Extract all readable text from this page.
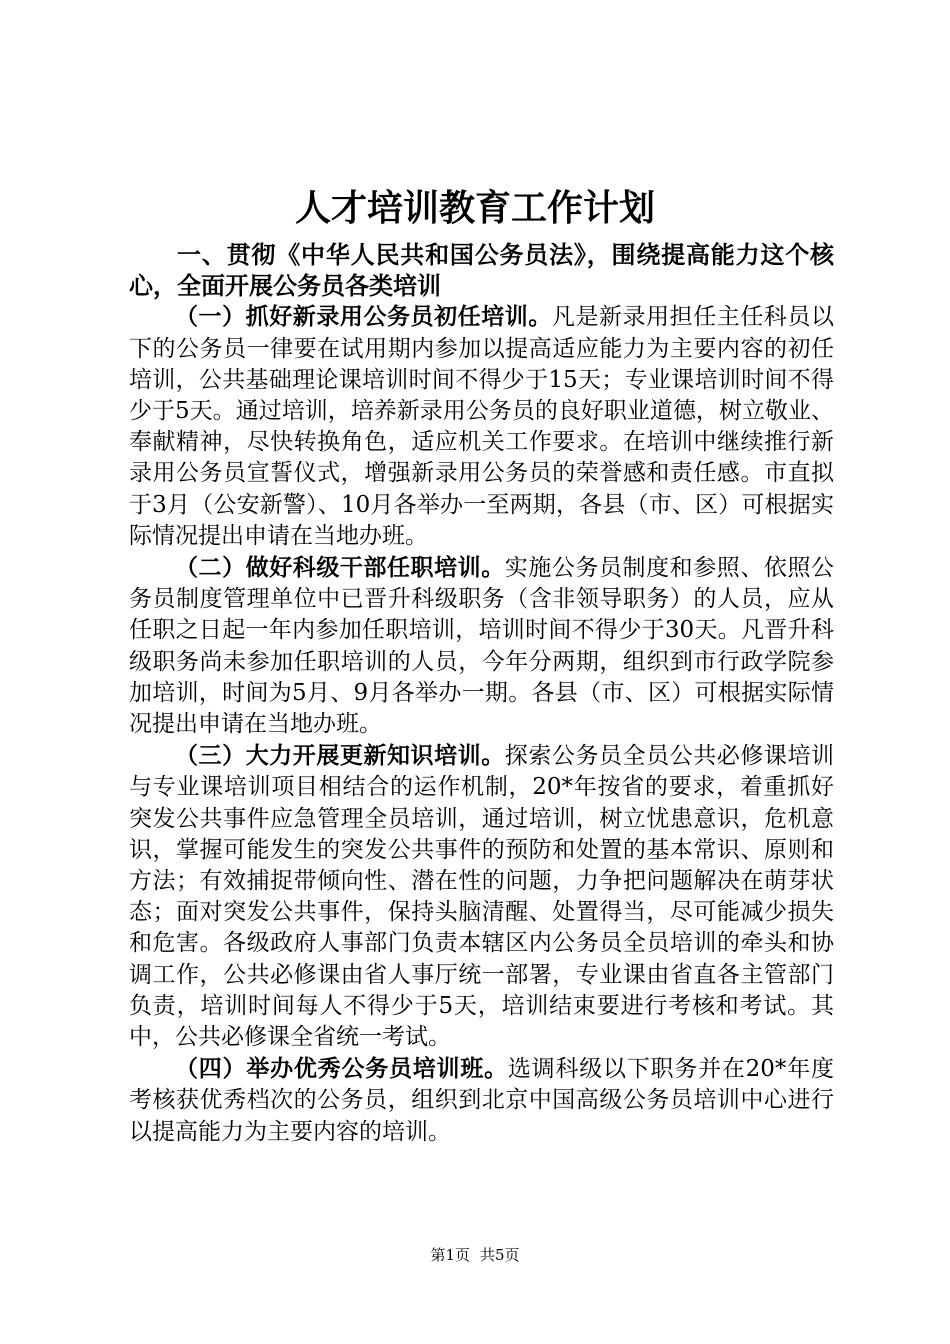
人才培训教育工作计划

一、贯彻《中华人民共和国公务员法》，围绕提高能力这个核心，全面开展公务员各类培训

（一）抓好新录用公务员初任培训。凡是新录用担任主任科员以下的公务员一律要在试用期内参加以提高适应能力为主要内容的初任培训，公共基础理论课培训时间不得少于15天；专业课培训时间不得少于5天。通过培训，培养新录用公务员的良好职业道德，树立敬业、奉献精神，尽快转换角色，适应机关工作要求。在培训中继续推行新录用公务员宣誓仪式，增强新录用公务员的荣誉感和责任感。市直拟于3月（公安新警）、10月各举办一至两期，各县（市、区）可根据实际情况提出申请在当地办班。

（二）做好科级干部任职培训。实施公务员制度和参照、依照公务员制度管理单位中已晋升科级职务（含非领导职务）的人员，应从任职之日起一年内参加任职培训，培训时间不得少于30天。凡晋升科级职务尚未参加任职培训的人员，今年分两期，组织到市行政学院参加培训，时间为5月、9月各举办一期。各县（市、区）可根据实际情况提出申请在当地办班。

（三）大力开展更新知识培训。探索公务员全员公共必修课培训与专业课培训项目相结合的运作机制，20*年按省的要求，着重抓好突发公共事件应急管理全员培训，通过培训，树立忧患意识，危机意识，掌握可能发生的突发公共事件的预防和处置的基本常识、原则和方法；有效捕捉带倾向性、潜在性的问题，力争把问题解决在萌芽状态；面对突发公共事件，保持头脑清醒、处置得当，尽可能减少损失和危害。各级政府人事部门负责本辖区内公务员全员培训的牵头和协调工作，公共必修课由省人事厅统一部署，专业课由省直各主管部门负责，培训时间每人不得少于5天，培训结束要进行考核和考试。其中，公共必修课全省统一考试。

（四）举办优秀公务员培训班。选调科级以下职务并在20*年度考核获优秀档次的公务员，组织到北京中国高级公务员培训中心进行以提高能力为主要内容的培训。

第1页 共5页
